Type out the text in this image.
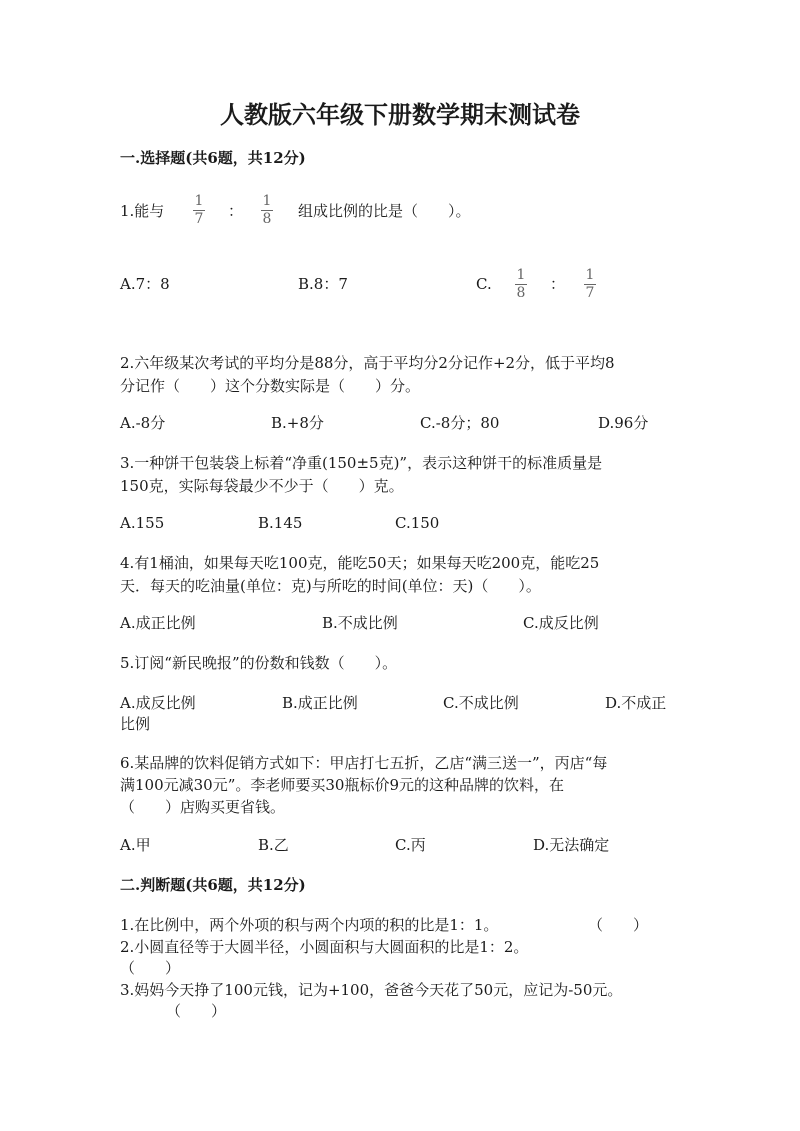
人教版六年级下册数学期末测试卷
一.选择题(共6题，共12分)
1.能与
1
7 ：
1
8 组成比例的比是（　　）。
A.7：8	B.8：7	C. 1
8 ： 1
7
2.六年级某次考试的平均分是88分，高于平均分2分记作+2分，低于平均8
分记作（　　）这个分数实际是（　　）分。
A.-8分	B.+8分	C.-8分；80	D.96分
3.一种饼干包装袋上标着“净重(150±5克)”，表示这种饼干的标准质量是
150克，实际每袋最少不少于（　　）克。
A.155	B.145	C.150
4.有1桶油，如果每天吃100克，能吃50天；如果每天吃200克，能吃25
天．每天的吃油量(单位：克)与所吃的时间(单位：天)（　　）。
A.成正比例	B.不成比例	C.成反比例
5.订阅“新民晚报”的份数和钱数（　　）。
A.成反比例	B.成正比例	C.不成比例	D.不成正
比例
6.某品牌的饮料促销方式如下：甲店打七五折，乙店“满三送一”，丙店“每
满100元减30元”。李老师要买30瓶标价9元的这种品牌的饮料，在
（　　）店购买更省钱。
A.甲	B.乙	C.丙	D.无法确定
二.判断题(共6题，共12分)
1.在比例中，两个外项的积与两个内项的积的比是1：1。	（　　）
2.小圆直径等于大圆半径，小圆面积与大圆面积的比是1：2。
（　　）
3.妈妈今天挣了100元钱，记为+100，爸爸今天花了50元，应记为-50元。
（　　）
